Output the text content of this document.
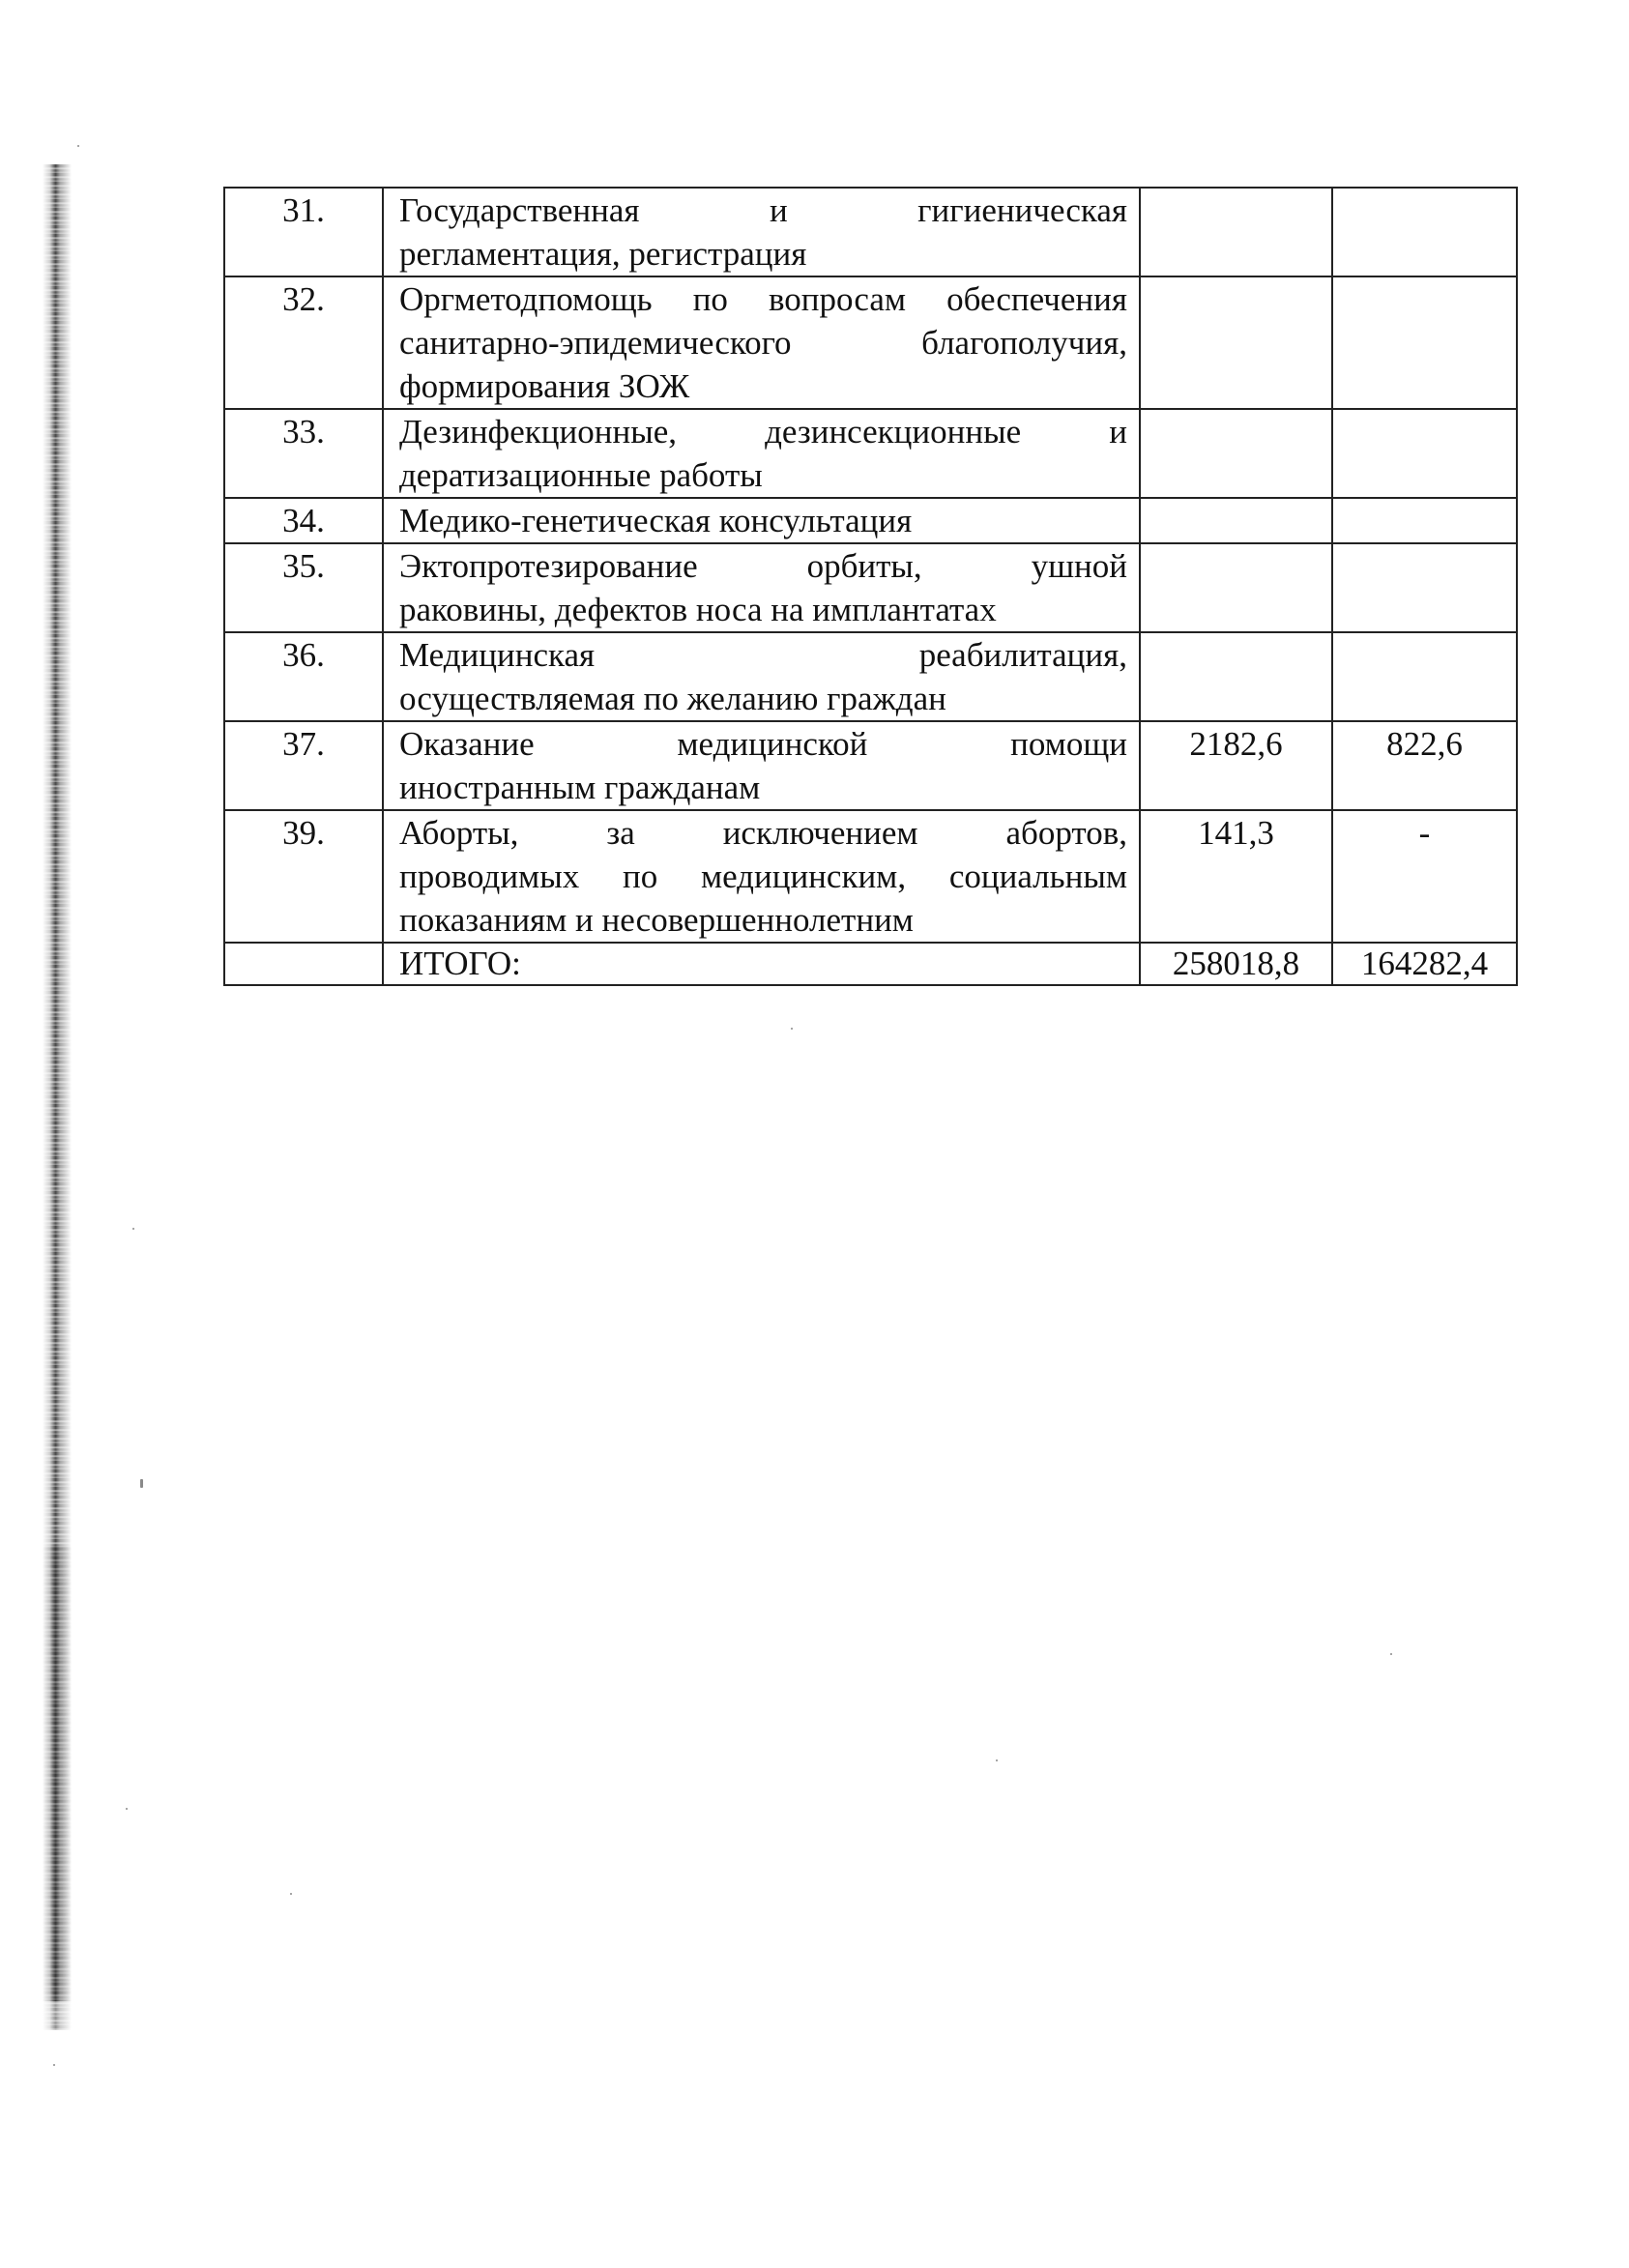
31.	Государственная и гигиеническая
регламентация, регистрация		

32.	Оргметодпомощь по вопросам обеспечения
санитарно-эпидемического благополучия,
формирования ЗОЖ		

33.	Дезинфекционные, дезинсекционные и
дератизационные работы		

34.	Медико-генетическая консультация		

35.	Эктопротезирование орбиты, ушной
раковины, дефектов носа на имплантатах		

36.	Медицинская реабилитация,
осуществляемая по желанию граждан		

37.	Оказание медицинской помощи
иностранным гражданам	2182,6	822,6
39.	Аборты, за исключением абортов,
проводимых по медицинским, социальным
показаниям и несовершеннолетним	141,3	-
	ИТОГО:	258018,8	164282,4
